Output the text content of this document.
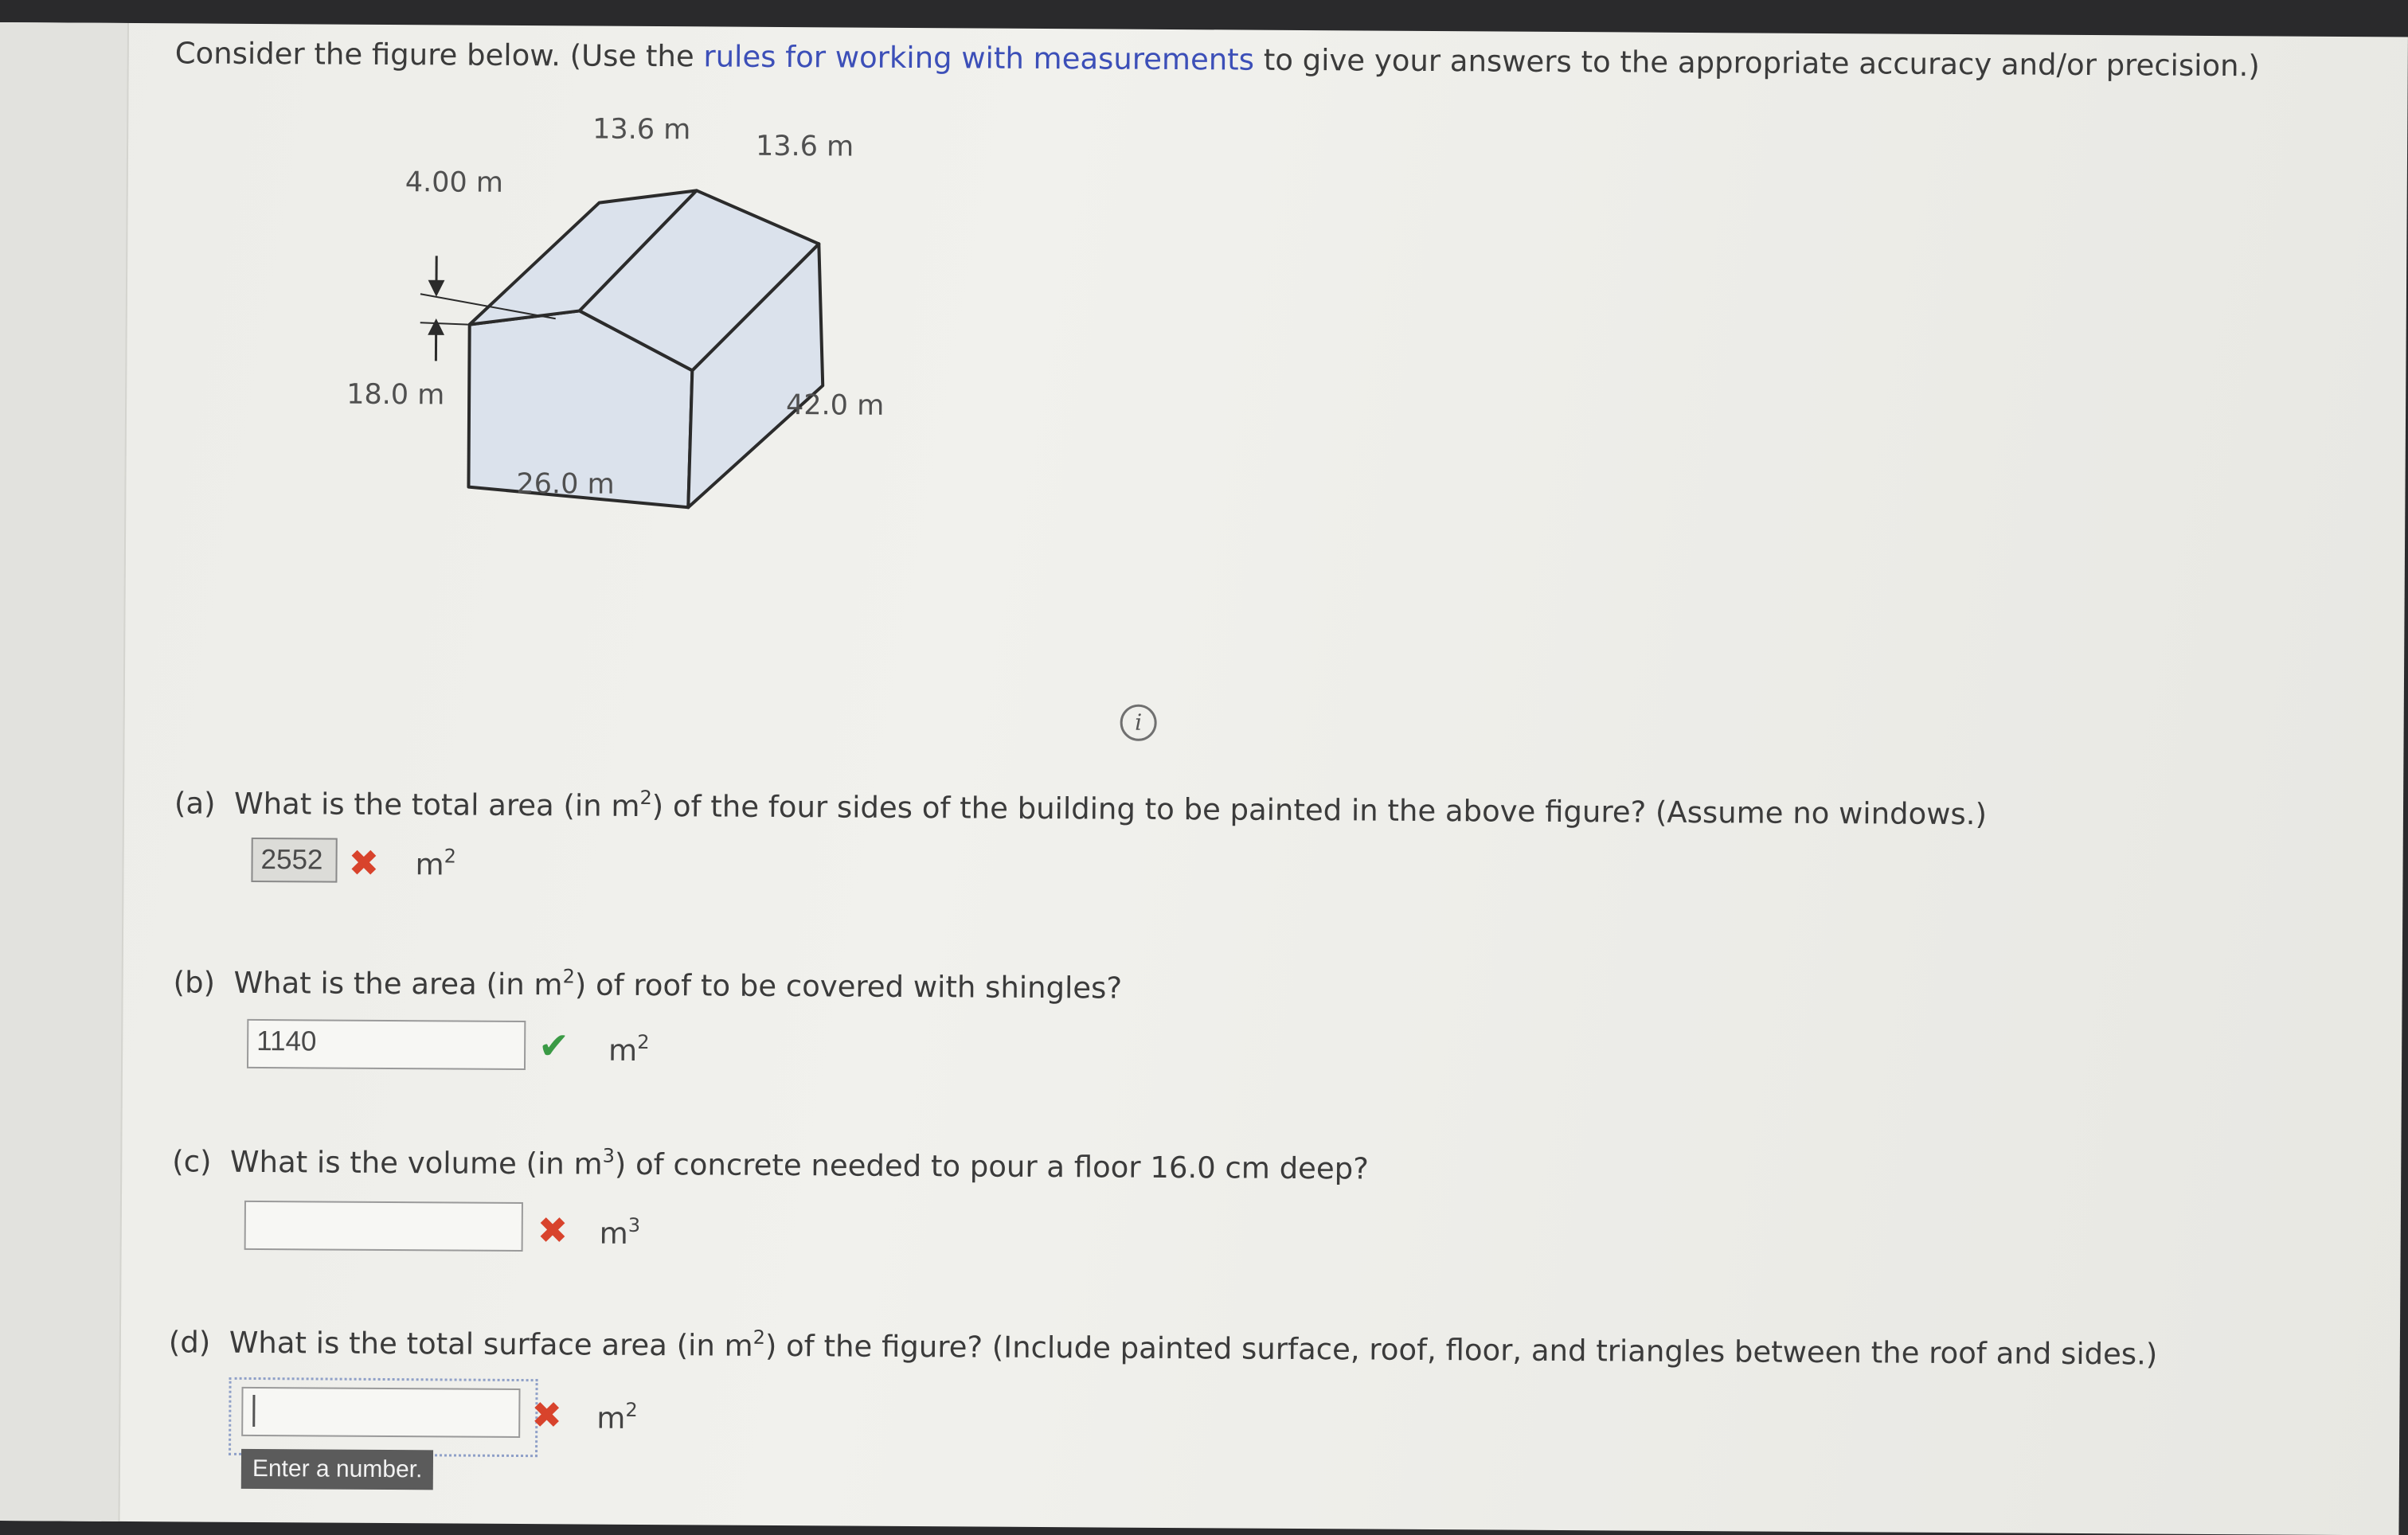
Consider the figure below. (Use the rules for working with measurements to give your answers to the appropriate accuracy and/or precision.)
13.6 m
13.6 m
4.00 m
18.0 m	42.0 m
26.0 m
i
(a) What is the total area (in $m^2$) of the four sides of the building to be painted in the above figure? (Assume no windows.)
2552 ✖ $m^2$
(b) What is the area (in $m^2$) of roof to be covered with shingles?
1140	✔ $m^2$
(c) What is the volume (in $m^3$) of concrete needed to pour a floor 16.0 cm deep?
✖ $m^3$
(d) What is the total surface area (in $m^2$) of the figure? (Include painted surface, roof, floor, and triangles between the roof and sides.)
✖ $m^2$
Enter a number.
